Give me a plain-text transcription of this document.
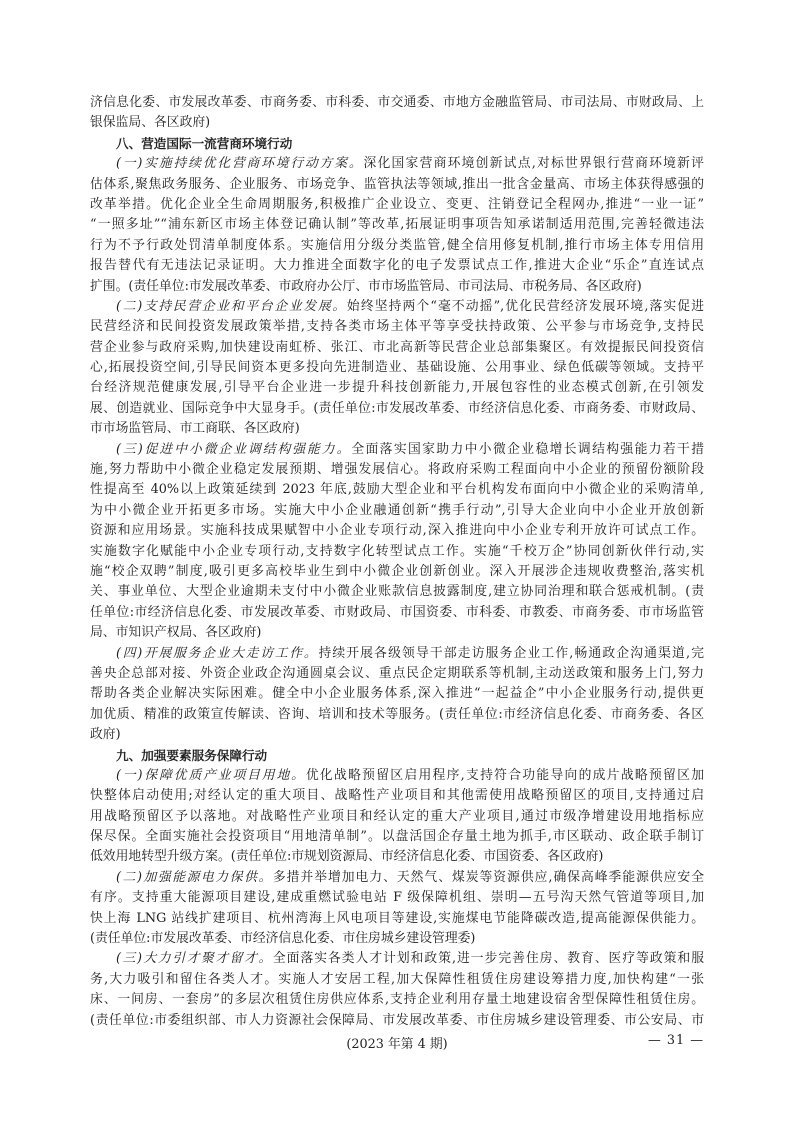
济信息化委、市发展改革委、市商务委、市科委、市交通委、市地方金融监管局、市司法局、市财政局、上
银保监局、各区政府)
八、营造国际一流营商环境行动
(一)实施持续优化营商环境行动方案。深化国家营商环境创新试点,对标世界银行营商环境新评
估体系,聚焦政务服务、企业服务、市场竞争、监管执法等领域,推出一批含金量高、市场主体获得感强的
改革举措。优化企业全生命周期服务,积极推广企业设立、变更、注销登记全程网办,推进“一业一证”
“一照多址”“浦东新区市场主体登记确认制”等改革,拓展证明事项告知承诺制适用范围,完善轻微违法
行为不予行政处罚清单制度体系。实施信用分级分类监管,健全信用修复机制,推行市场主体专用信用
报告替代有无违法记录证明。大力推进全面数字化的电子发票试点工作,推进大企业“乐企”直连试点
扩围。(责任单位:市发展改革委、市政府办公厅、市市场监管局、市司法局、市税务局、各区政府)
(二)支持民营企业和平台企业发展。始终坚持两个“毫不动摇”,优化民营经济发展环境,落实促进
民营经济和民间投资发展政策举措,支持各类市场主体平等享受扶持政策、公平参与市场竞争,支持民
营企业参与政府采购,加快建设南虹桥、张江、市北高新等民营企业总部集聚区。有效提振民间投资信
心,拓展投资空间,引导民间资本更多投向先进制造业、基础设施、公用事业、绿色低碳等领域。支持平
台经济规范健康发展,引导平台企业进一步提升科技创新能力,开展包容性的业态模式创新,在引领发
展、创造就业、国际竞争中大显身手。(责任单位:市发展改革委、市经济信息化委、市商务委、市财政局、
市市场监管局、市工商联、各区政府)
(三)促进中小微企业调结构强能力。全面落实国家助力中小微企业稳增长调结构强能力若干措
施,努力帮助中小微企业稳定发展预期、增强发展信心。将政府采购工程面向中小企业的预留份额阶段
性提高至 40%以上政策延续到 2023 年底,鼓励大型企业和平台机构发布面向中小微企业的采购清单,
为中小微企业开拓更多市场。实施大中小企业融通创新“携手行动”,引导大企业向中小企业开放创新
资源和应用场景。实施科技成果赋智中小企业专项行动,深入推进向中小企业专利开放许可试点工作。
实施数字化赋能中小企业专项行动,支持数字化转型试点工作。实施“千校万企”协同创新伙伴行动,实
施“校企双聘”制度,吸引更多高校毕业生到中小微企业创新创业。深入开展涉企违规收费整治,落实机
关、事业单位、大型企业逾期未支付中小微企业账款信息披露制度,建立协同治理和联合惩戒机制。(责
任单位:市经济信息化委、市发展改革委、市财政局、市国资委、市科委、市教委、市商务委、市市场监管
局、市知识产权局、各区政府)
(四)开展服务企业大走访工作。持续开展各级领导干部走访服务企业工作,畅通政企沟通渠道,完
善央企总部对接、外资企业政企沟通圆桌会议、重点民企定期联系等机制,主动送政策和服务上门,努力
帮助各类企业解决实际困难。健全中小企业服务体系,深入推进“一起益企”中小企业服务行动,提供更
加优质、精准的政策宣传解读、咨询、培训和技术等服务。(责任单位:市经济信息化委、市商务委、各区
政府)
九、加强要素服务保障行动
(一)保障优质产业项目用地。优化战略预留区启用程序,支持符合功能导向的成片战略预留区加
快整体启动使用;对经认定的重大项目、战略性产业项目和其他需使用战略预留区的项目,支持通过启
用战略预留区予以落地。对战略性产业项目和经认定的重大产业项目,通过市级净增建设用地指标应
保尽保。全面实施社会投资项目“用地清单制”。以盘活国企存量土地为抓手,市区联动、政企联手制订
低效用地转型升级方案。(责任单位:市规划资源局、市经济信息化委、市国资委、各区政府)
(二)加强能源电力保供。多措并举增加电力、天然气、煤炭等资源供应,确保高峰季能源供应安全
有序。支持重大能源项目建设,建成重燃试验电站 F 级保障机组、崇明—五号沟天然气管道等项目,加
快上海 LNG 站线扩建项目、杭州湾海上风电项目等建设,实施煤电节能降碳改造,提高能源保供能力。
(责任单位:市发展改革委、市经济信息化委、市住房城乡建设管理委)
(三)大力引才聚才留才。全面落实各类人才计划和政策,进一步完善住房、教育、医疗等政策和服
务,大力吸引和留住各类人才。实施人才安居工程,加大保障性租赁住房建设筹措力度,加快构建“一张
床、一间房、一套房”的多层次租赁住房供应体系,支持企业利用存量土地建设宿舍型保障性租赁住房。
(责任单位:市委组织部、市人力资源社会保障局、市发展改革委、市住房城乡建设管理委、市公安局、市
(2023 年第 4 期)	— 31 —
